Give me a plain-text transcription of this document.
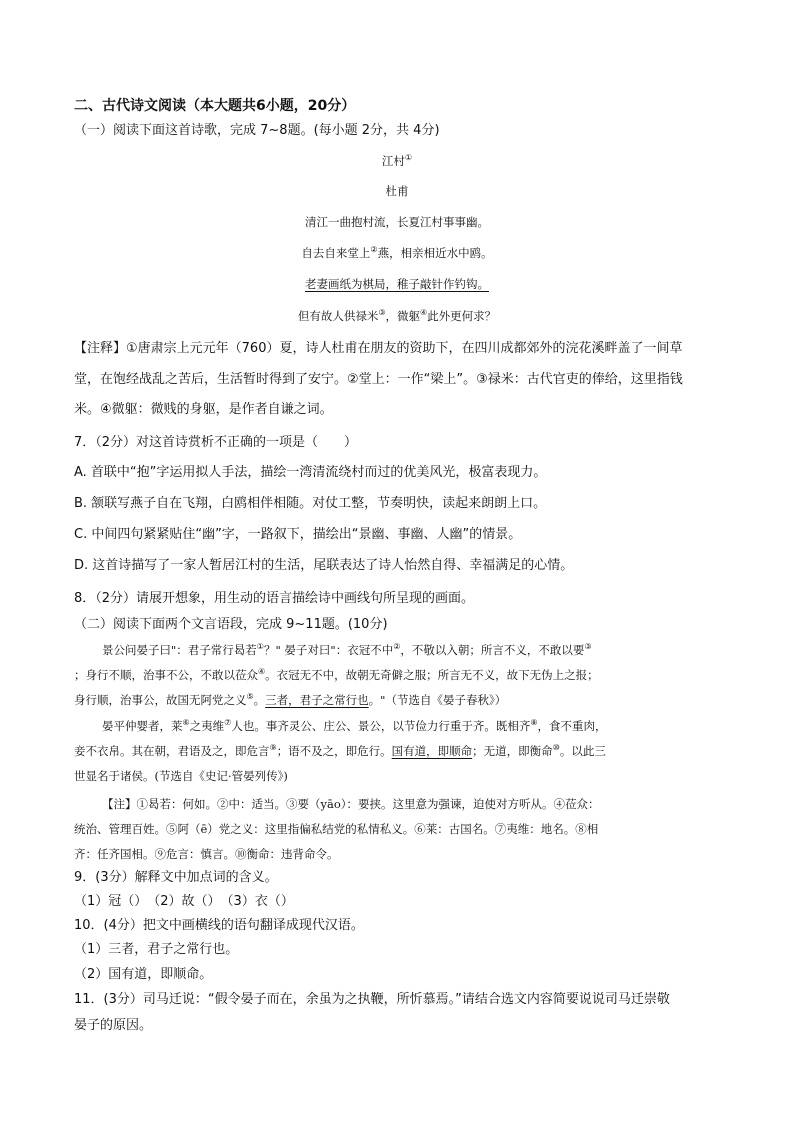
二、古代诗文阅读（本大题共6小题，20分）
（一）阅读下面这首诗歌，完成 7~8题。(每小题 2分，共 4分)
江村①
杜甫
清江一曲抱村流，长夏江村事事幽。
自去自来堂上②燕，相亲相近水中鸥。
老妻画纸为棋局，稚子敲针作钓钩。
但有故人供禄米③，微躯④此外更何求？
【注释】①唐肃宗上元元年（760）夏，诗人杜甫在朋友的资助下，在四川成都郊外的浣花溪畔盖了一间草
堂，在饱经战乱之苦后，生活暂时得到了安宁。②堂上：一作“梁上”。③禄米：古代官吏的俸给，这里指钱
米。④微躯：微贱的身躯，是作者自谦之词。
7．（2分）对这首诗赏析不正确的一项是（　　）
A. 首联中“抱”字运用拟人手法，描绘一湾清流绕村而过的优美风光，极富表现力。
B. 颔联写燕子自在飞翔，白鸥相伴相随。对仗工整，节奏明快，读起来朗朗上口。
C. 中间四句紧紧贴住“幽”字，一路叙下，描绘出“景幽、事幽、人幽”的情景。
D. 这首诗描写了一家人暂居江村的生活，尾联表达了诗人怡然自得、幸福满足的心情。
8．（2分）请展开想象，用生动的语言描绘诗中画线句所呈现的画面。
（二）阅读下面两个文言语段，完成 9~11题。(10分)
景公问晏子曰"：君子常行曷若①？" 晏子对曰"：衣冠不中②，不敬以入朝；所言不义，不敢以要③
；身行不顺，治事不公，不敢以莅众④。衣冠无不中，故朝无奇僻之服；所言无不义，故下无伪上之报；
身行顺，治事公，故国无阿党之义⑤。三者，君子之常行也。"（节选自《晏子春秋》）
晏平仲婴者，莱⑥之夷维⑦人也。事齐灵公、庄公、景公，以节俭力行重于齐。既相齐⑧，食不重肉，
妾不衣帛。其在朝，君语及之，即危言⑨；语不及之，即危行。国有道，即顺命；无道，即衡命⑩。以此三
世显名于诸侯。(节选自《史记·管晏列传》)
【注】①曷若：何如。②中：适当。③要（yāo）：要挟。这里意为强谏，迫使对方听从。④莅众：
统治、管理百姓。⑤阿（ē）党之义：这里指偏私结党的私情私义。⑥莱：古国名。⑦夷维：地名。⑧相
齐：任齐国相。⑨危言：慎言。⑩衡命：违背命令。
9．(3分）解释文中加点词的含义。
（1）冠（）　（2）故（）　（3）衣（）
10．(4分）把文中画横线的语句翻译成现代汉语。
（1）三者，君子之常行也。
（2）国有道，即顺命。
11．(3分）司马迁说：“假令晏子而在，余虽为之执鞭，所忻慕焉。”请结合选文内容简要说说司马迁崇敬
晏子的原因。
